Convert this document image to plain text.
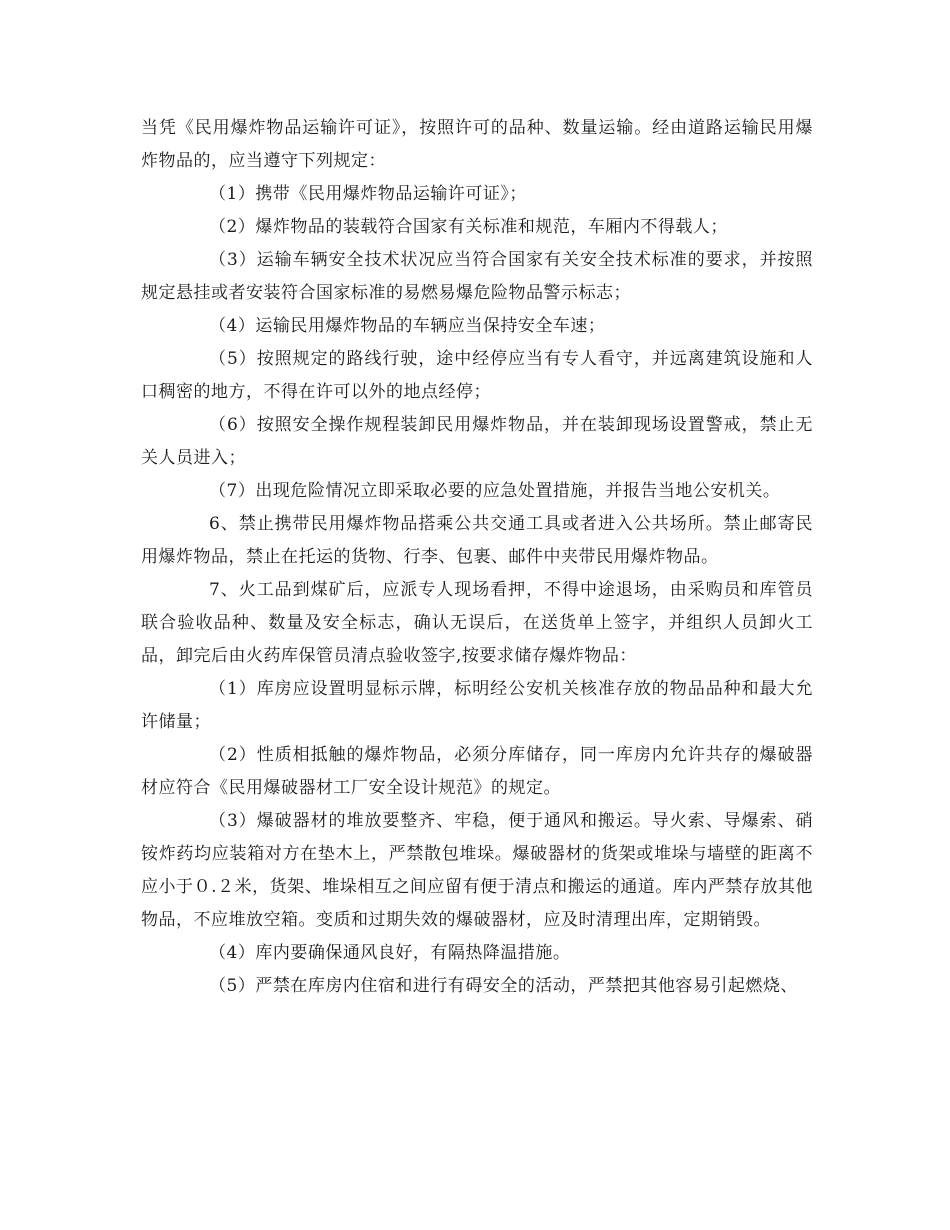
当凭《民用爆炸物品运输许可证》，按照许可的品种、数量运输。经由道路运输民用爆炸物品的，应当遵守下列规定：

（1）携带《民用爆炸物品运输许可证》；

（2）爆炸物品的装载符合国家有关标准和规范，车厢内不得载人；

（3）运输车辆安全技术状况应当符合国家有关安全技术标准的要求，并按照规定悬挂或者安装符合国家标准的易燃易爆危险物品警示标志；

（4）运输民用爆炸物品的车辆应当保持安全车速；

（5）按照规定的路线行驶，途中经停应当有专人看守，并远离建筑设施和人口稠密的地方，不得在许可以外的地点经停；

（6）按照安全操作规程装卸民用爆炸物品，并在装卸现场设置警戒，禁止无关人员进入；

（7）出现危险情况立即采取必要的应急处置措施，并报告当地公安机关。

6、禁止携带民用爆炸物品搭乘公共交通工具或者进入公共场所。禁止邮寄民用爆炸物品，禁止在托运的货物、行李、包裹、邮件中夹带民用爆炸物品。

7、火工品到煤矿后，应派专人现场看押，不得中途退场，由采购员和库管员联合验收品种、数量及安全标志，确认无误后，在送货单上签字，并组织人员卸火工品，卸完后由火药库保管员清点验收签字,按要求储存爆炸物品：

（1）库房应设置明显标示牌，标明经公安机关核准存放的物品品种和最大允许储量；

（2）性质相抵触的爆炸物品，必须分库储存，同一库房内允许共存的爆破器材应符合《民用爆破器材工厂安全设计规范》的规定。

（3）爆破器材的堆放要整齐、牢稳，便于通风和搬运。导火索、导爆索、硝铵炸药均应装箱对方在垫木上，严禁散包堆垛。爆破器材的货架或堆垛与墙壁的距离不应小于０.２米，货架、堆垛相互之间应留有便于清点和搬运的通道。库内严禁存放其他物品，不应堆放空箱。变质和过期失效的爆破器材，应及时清理出库，定期销毁。

（4）库内要确保通风良好，有隔热降温措施。

（5）严禁在库房内住宿和进行有碍安全的活动，严禁把其他容易引起燃烧、
